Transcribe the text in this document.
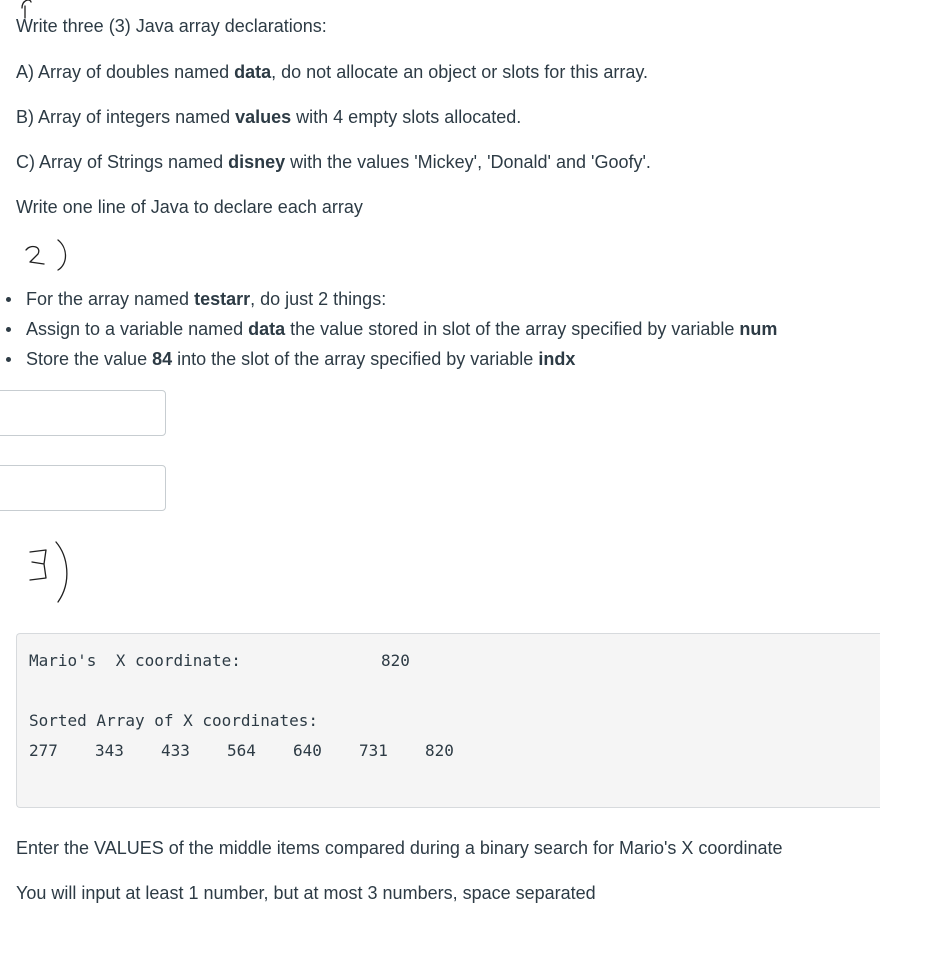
Write three (3) Java array declarations:
A) Array of doubles named data, do not allocate an object or slots for this array.
B) Array of integers named values with 4 empty slots allocated.
C) Array of Strings named disney with the values 'Mickey', 'Donald' and 'Goofy'.
Write one line of Java to declare each array
For the array named testarr, do just 2 things:
Assign to a variable named data the value stored in slot of the array specified by variable num
Store the value 84 into the slot of the array specified by variable indx
Mario's  X coordinate:	820
Sorted Array of X coordinates:
277 343 433 564 640 731 820
Enter the VALUES of the middle items compared during a binary search for Mario's X coordinate
You will input at least 1 number, but at most 3 numbers, space separated
